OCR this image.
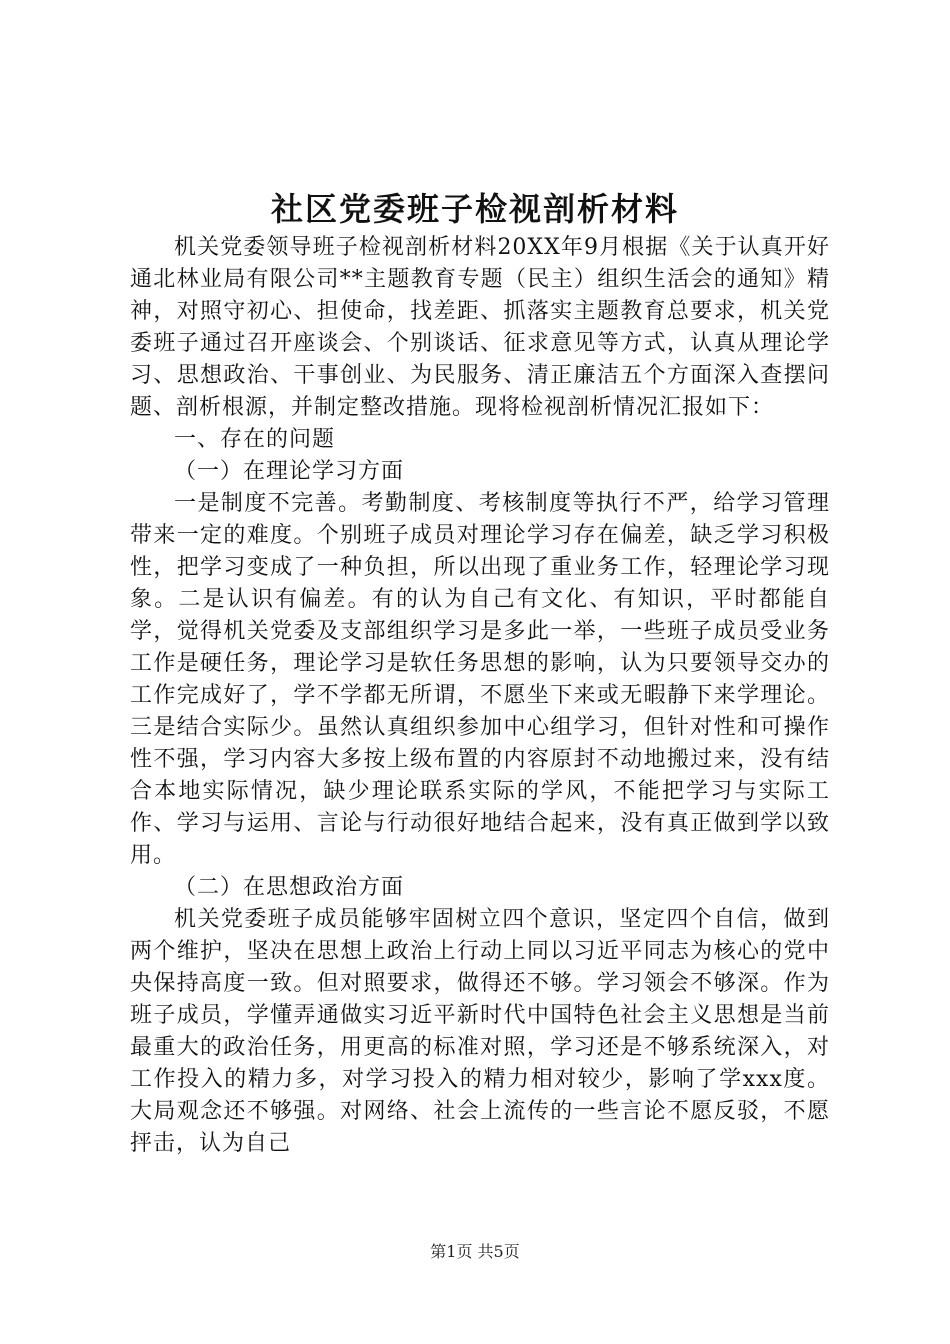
社区党委班子检视剖析材料

机关党委领导班子检视剖析材料20XX年9月根据《关于认真开好通北林业局有限公司**主题教育专题（民主）组织生活会的通知》精神，对照守初心、担使命，找差距、抓落实主题教育总要求，机关党委班子通过召开座谈会、个别谈话、征求意见等方式，认真从理论学习、思想政治、干事创业、为民服务、清正廉洁五个方面深入查摆问题、剖析根源，并制定整改措施。现将检视剖析情况汇报如下：

一、存在的问题

（一）在理论学习方面

一是制度不完善。考勤制度、考核制度等执行不严，给学习管理带来一定的难度。个别班子成员对理论学习存在偏差，缺乏学习积极性，把学习变成了一种负担，所以出现了重业务工作，轻理论学习现象。二是认识有偏差。有的认为自己有文化、有知识，平时都能自学，觉得机关党委及支部组织学习是多此一举，一些班子成员受业务工作是硬任务，理论学习是软任务思想的影响，认为只要领导交办的工作完成好了，学不学都无所谓，不愿坐下来或无暇静下来学理论。三是结合实际少。虽然认真组织参加中心组学习，但针对性和可操作性不强，学习内容大多按上级布置的内容原封不动地搬过来，没有结合本地实际情况，缺少理论联系实际的学风，不能把学习与实际工作、学习与运用、言论与行动很好地结合起来，没有真正做到学以致用。

（二）在思想政治方面

机关党委班子成员能够牢固树立四个意识，坚定四个自信，做到两个维护，坚决在思想上政治上行动上同以习近平同志为核心的党中央保持高度一致。但对照要求，做得还不够。学习领会不够深。作为班子成员，学懂弄通做实习近平新时代中国特色社会主义思想是当前最重大的政治任务，用更高的标准对照，学习还是不够系统深入，对工作投入的精力多，对学习投入的精力相对较少，影响了学xxx度。大局观念还不够强。对网络、社会上流传的一些言论不愿反驳，不愿抨击，认为自己

第1页 共5页
